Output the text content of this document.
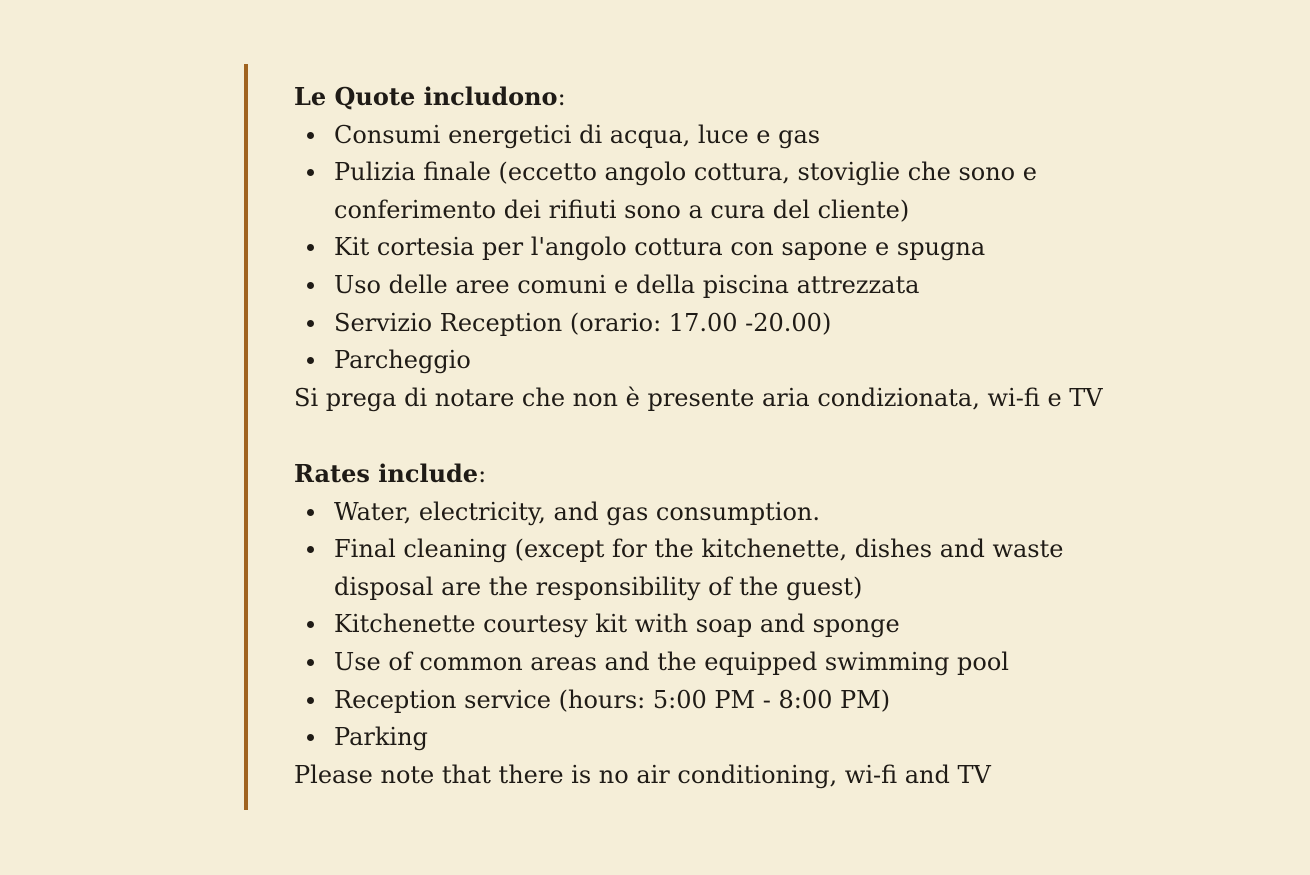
Le Quote includono:

Consumi energetici di acqua, luce e gas
Pulizia finale (eccetto angolo cottura, stoviglie che sono e conferimento dei rifiuti sono a cura del cliente)
Kit cortesia per l'angolo cottura con sapone e spugna
Uso delle aree comuni e della piscina attrezzata
Servizio Reception (orario: 17.00 -20.00)
Parcheggio

Si prega di notare che non è presente aria condizionata, wi-fi e TV

Rates include:

Water, electricity, and gas consumption.
Final cleaning (except for the kitchenette, dishes and waste disposal are the responsibility of the guest)
Kitchenette courtesy kit with soap and sponge
Use of common areas and the equipped swimming pool
Reception service (hours: 5:00 PM - 8:00 PM)
Parking

Please note that there is no air conditioning, wi-fi and TV
